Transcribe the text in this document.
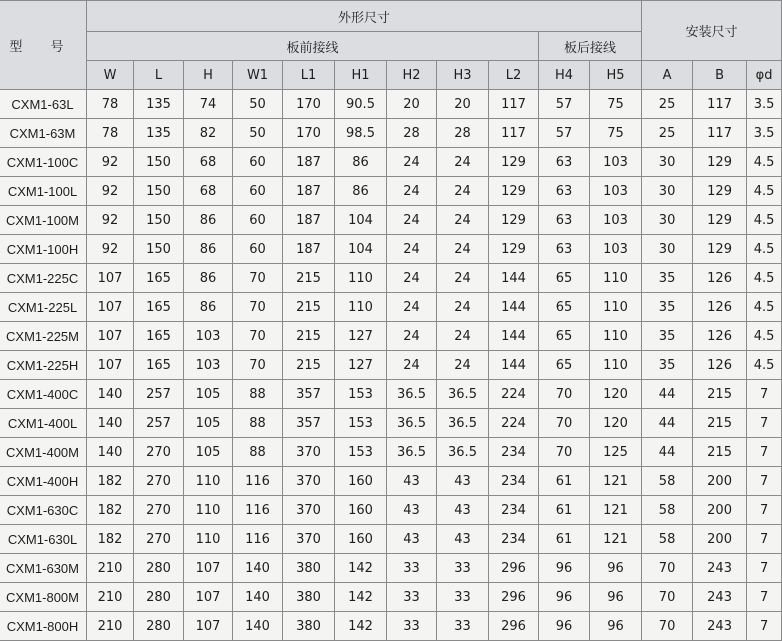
型 号	外形尺寸											安装尺寸		
	板前接线									板后接线				
	W	L	H	W1	L1	H1	H2	H3	L2	H4	H5	A	B	φd
CXM1-63L	78	135	74	50	170	90.5	20	20	117	57	75	25	117	3.5
CXM1-63M	78	135	82	50	170	98.5	28	28	117	57	75	25	117	3.5
CXM1-100C	92	150	68	60	187	86	24	24	129	63	103	30	129	4.5
CXM1-100L	92	150	68	60	187	86	24	24	129	63	103	30	129	4.5
CXM1-100M	92	150	86	60	187	104	24	24	129	63	103	30	129	4.5
CXM1-100H	92	150	86	60	187	104	24	24	129	63	103	30	129	4.5
CXM1-225C	107	165	86	70	215	110	24	24	144	65	110	35	126	4.5
CXM1-225L	107	165	86	70	215	110	24	24	144	65	110	35	126	4.5
CXM1-225M	107	165	103	70	215	127	24	24	144	65	110	35	126	4.5
CXM1-225H	107	165	103	70	215	127	24	24	144	65	110	35	126	4.5
CXM1-400C	140	257	105	88	357	153	36.5	36.5	224	70	120	44	215	7
CXM1-400L	140	257	105	88	357	153	36.5	36.5	224	70	120	44	215	7
CXM1-400M	140	270	105	88	370	153	36.5	36.5	234	70	125	44	215	7
CXM1-400H	182	270	110	116	370	160	43	43	234	61	121	58	200	7
CXM1-630C	182	270	110	116	370	160	43	43	234	61	121	58	200	7
CXM1-630L	182	270	110	116	370	160	43	43	234	61	121	58	200	7
CXM1-630M	210	280	107	140	380	142	33	33	296	96	96	70	243	7
CXM1-800M	210	280	107	140	380	142	33	33	296	96	96	70	243	7
CXM1-800H	210	280	107	140	380	142	33	33	296	96	96	70	243	7
